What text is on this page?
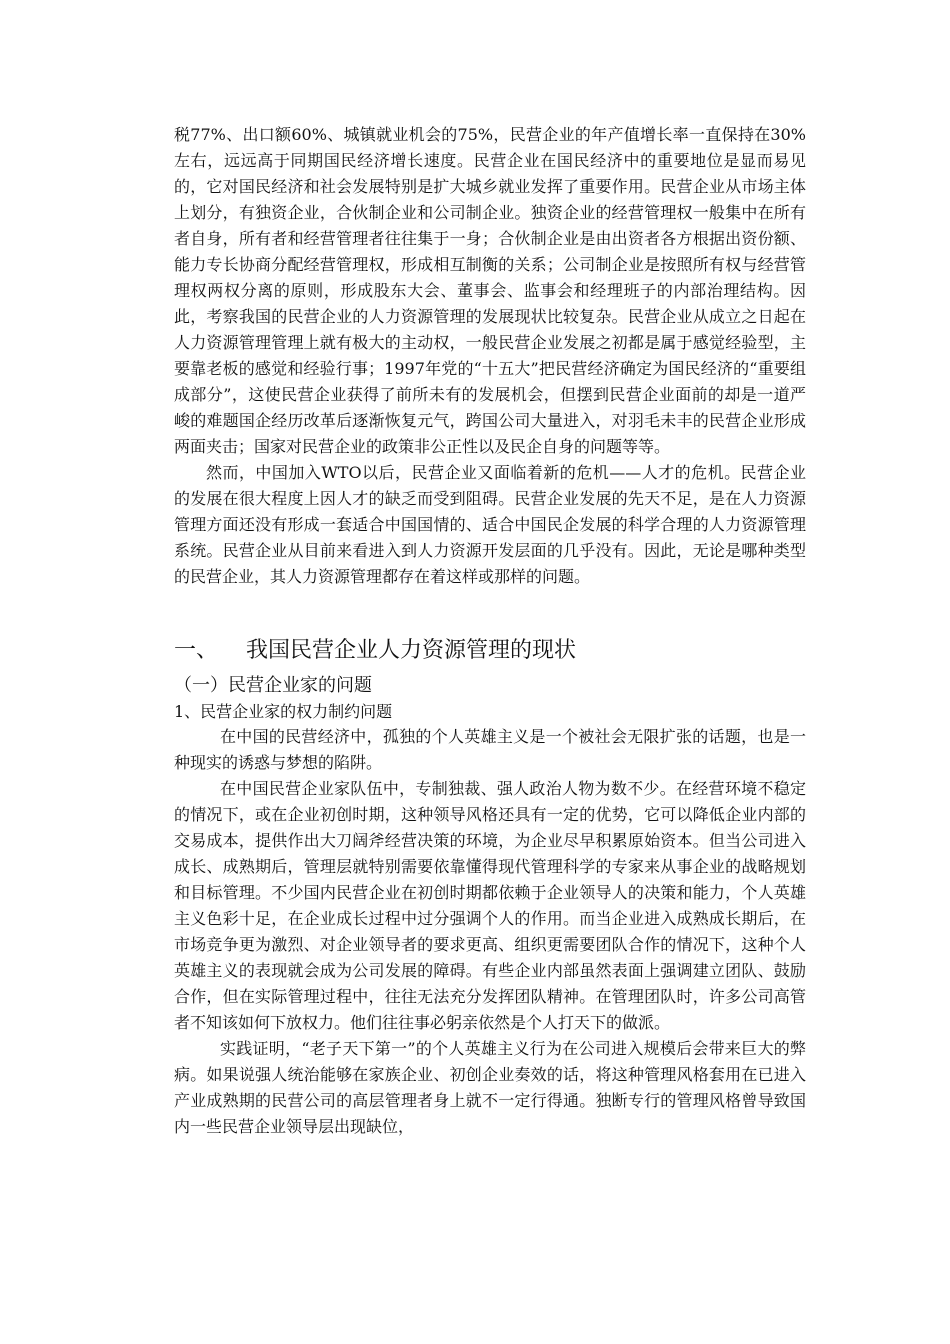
税77%、出口额60%、城镇就业机会的75%，民营企业的年产值增长率一直保持在30%左右，远远高于同期国民经济增长速度。民营企业在国民经济中的重要地位是显而易见的，它对国民经济和社会发展特别是扩大城乡就业发挥了重要作用。民营企业从市场主体上划分，有独资企业，合伙制企业和公司制企业。独资企业的经营管理权一般集中在所有者自身，所有者和经营管理者往往集于一身；合伙制企业是由出资者各方根据出资份额、能力专长协商分配经营管理权，形成相互制衡的关系；公司制企业是按照所有权与经营管理权两权分离的原则，形成股东大会、董事会、监事会和经理班子的内部治理结构。因此，考察我国的民营企业的人力资源管理的发展现状比较复杂。民营企业从成立之日起在人力资源管理管理上就有极大的主动权，一般民营企业发展之初都是属于感觉经验型，主要靠老板的感觉和经验行事；1997年党的“十五大”把民营经济确定为国民经济的“重要组成部分”，这使民营企业获得了前所未有的发展机会，但摆到民营企业面前的却是一道严峻的难题国企经历改革后逐渐恢复元气，跨国公司大量进入，对羽毛未丰的民营企业形成两面夹击；国家对民营企业的政策非公正性以及民企自身的问题等等。

然而，中国加入WTO以后，民营企业又面临着新的危机——人才的危机。民营企业的发展在很大程度上因人才的缺乏而受到阻碍。民营企业发展的先天不足，是在人力资源管理方面还没有形成一套适合中国国情的、适合中国民企发展的科学合理的人力资源管理系统。民营企业从目前来看进入到人力资源开发层面的几乎没有。因此，无论是哪种类型的民营企业，其人力资源管理都存在着这样或那样的问题。

一、	我国民营企业人力资源管理的现状
（一）民营企业家的问题
1、民营企业家的权力制约问题

在中国的民营经济中，孤独的个人英雄主义是一个被社会无限扩张的话题，也是一种现实的诱惑与梦想的陷阱。

在中国民营企业家队伍中，专制独裁、强人政治人物为数不少。在经营环境不稳定的情况下，或在企业初创时期，这种领导风格还具有一定的优势，它可以降低企业内部的交易成本，提供作出大刀阔斧经营决策的环境，为企业尽早积累原始资本。但当公司进入成长、成熟期后，管理层就特别需要依靠懂得现代管理科学的专家来从事企业的战略规划和目标管理。不少国内民营企业在初创时期都依赖于企业领导人的决策和能力，个人英雄主义色彩十足，在企业成长过程中过分强调个人的作用。而当企业进入成熟成长期后，在市场竞争更为激烈、对企业领导者的要求更高、组织更需要团队合作的情况下，这种个人英雄主义的表现就会成为公司发展的障碍。有些企业内部虽然表面上强调建立团队、鼓励合作，但在实际管理过程中，往往无法充分发挥团队精神。在管理团队时，许多公司高管者不知该如何下放权力。他们往往事必躬亲依然是个人打天下的做派。

实践证明，“老子天下第一”的个人英雄主义行为在公司进入规模后会带来巨大的弊病。如果说强人统治能够在家族企业、初创企业奏效的话，将这种管理风格套用在已进入产业成熟期的民营公司的高层管理者身上就不一定行得通。独断专行的管理风格曾导致国内一些民营企业领导层出现缺位，
